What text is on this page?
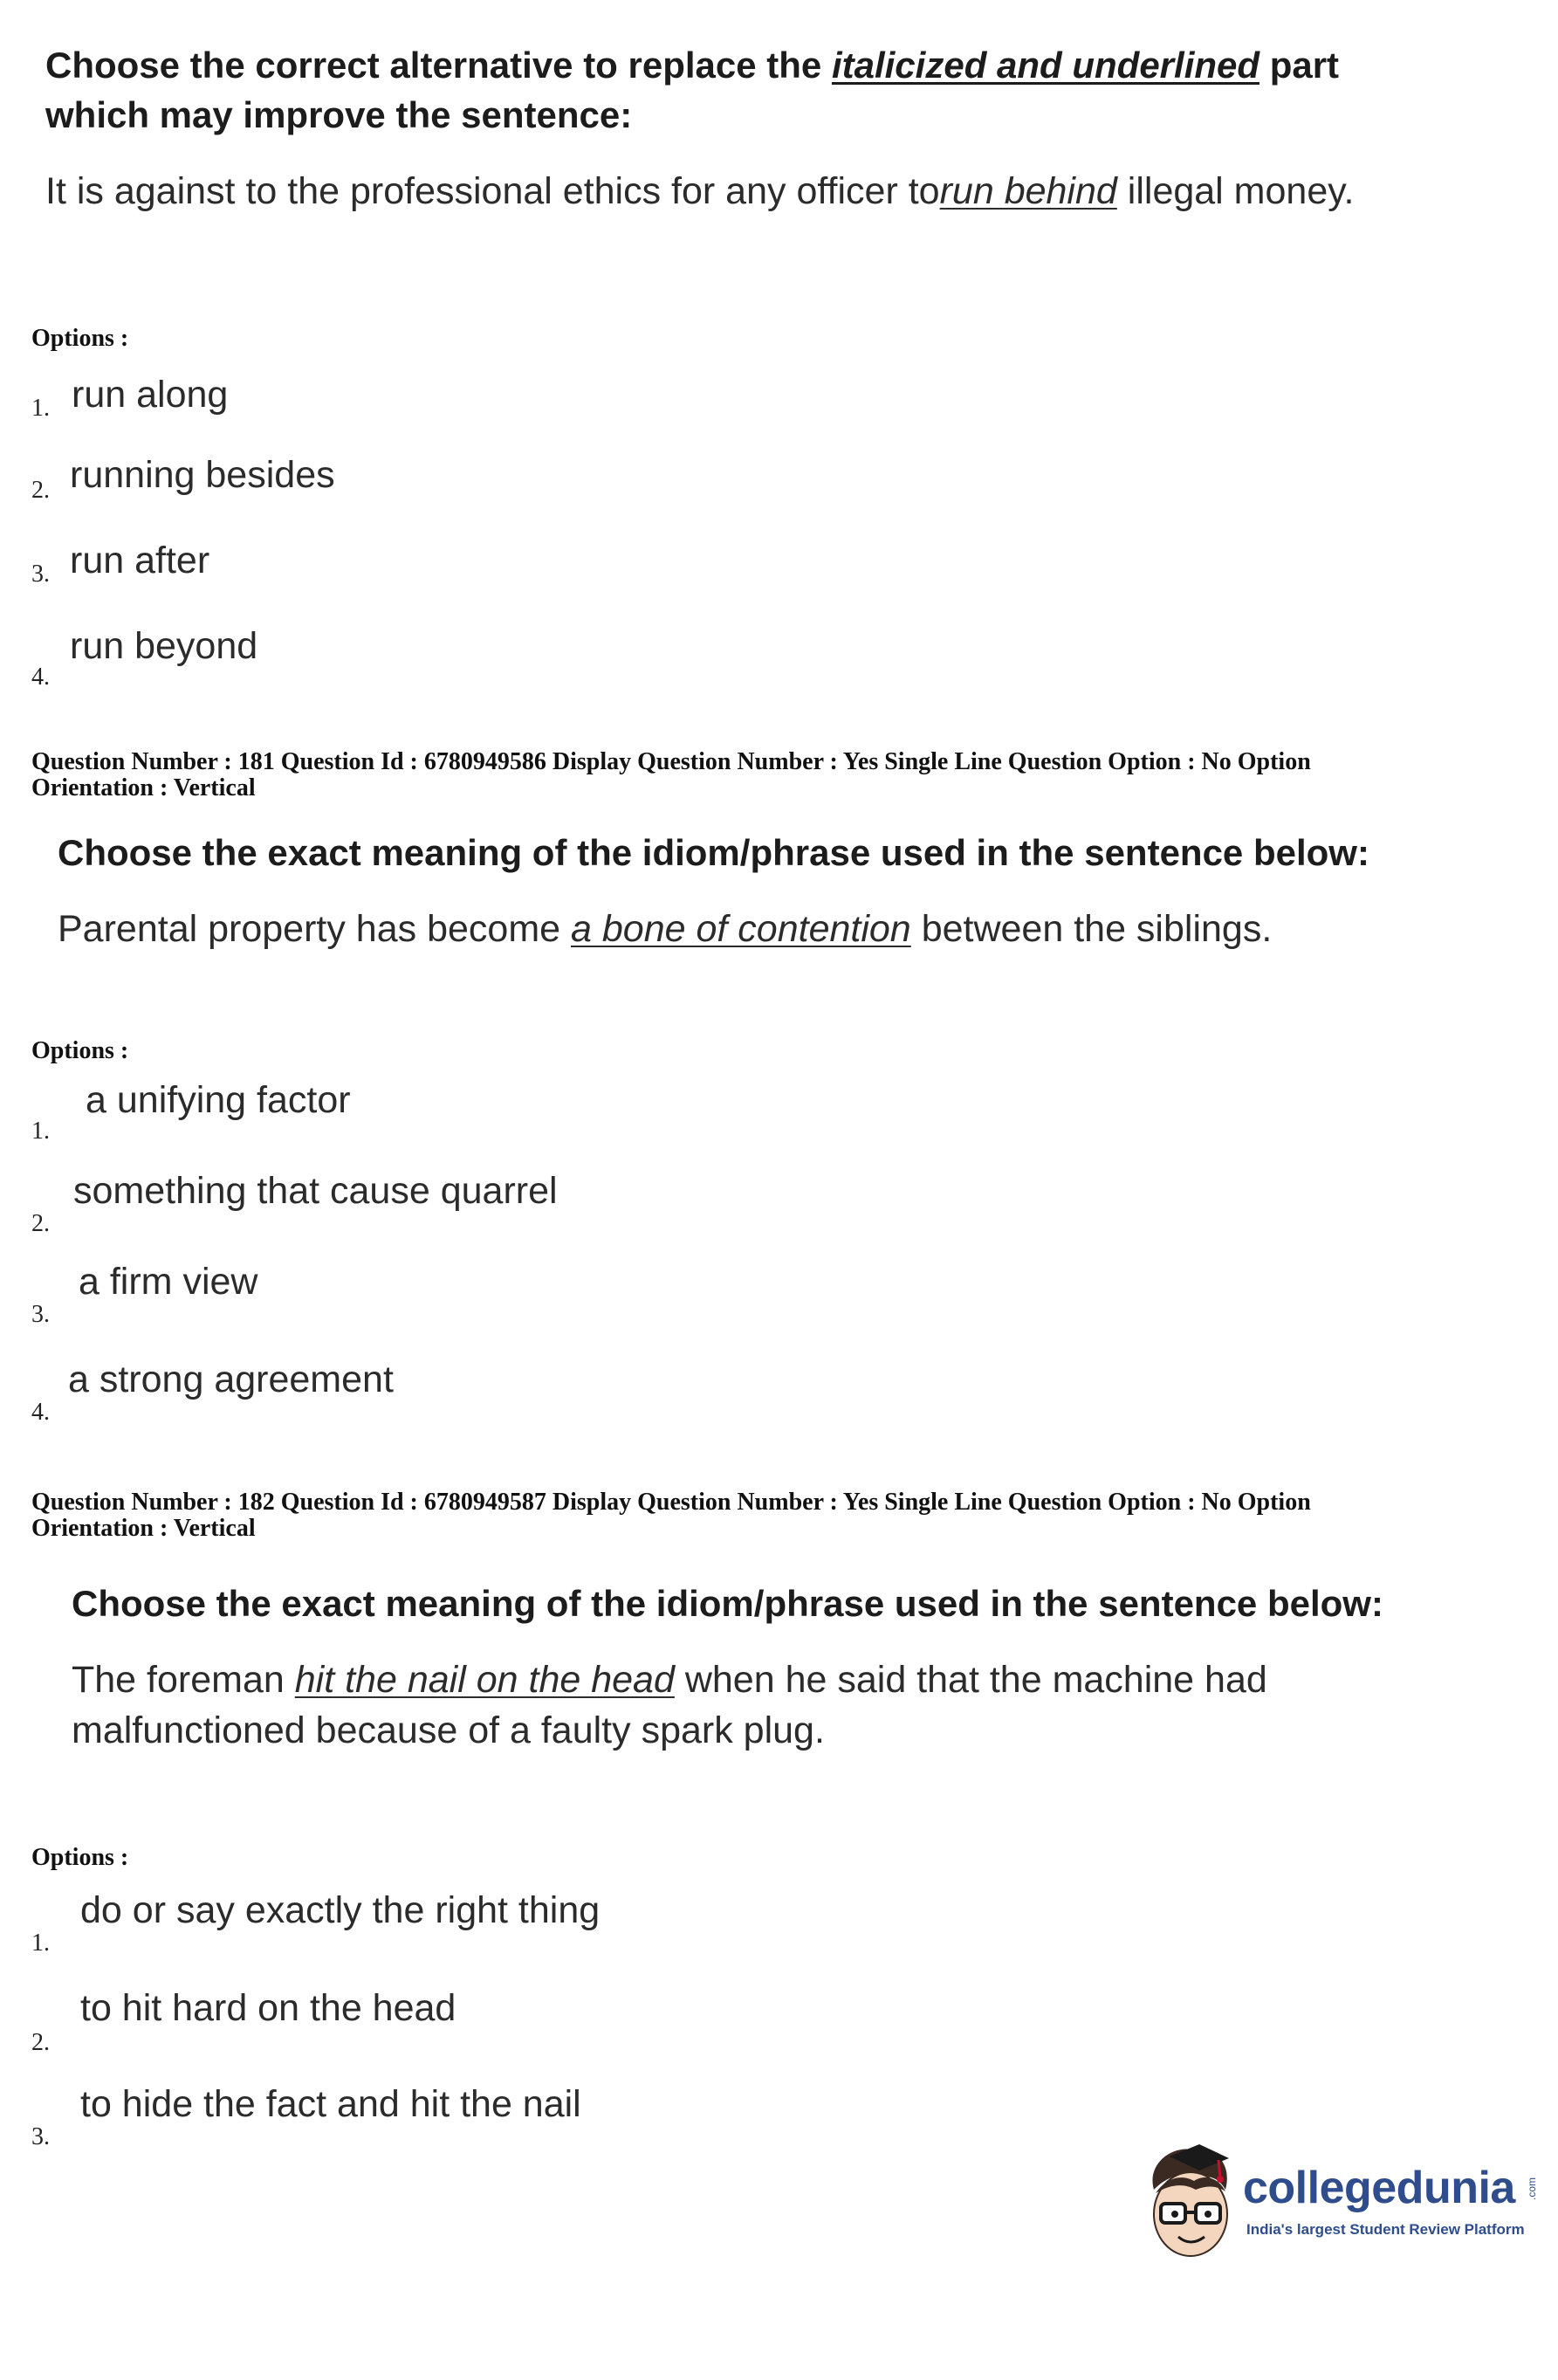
Choose the correct alternative to replace the italicized and underlined part which may improve the sentence:

It is against to the professional ethics for any officer torun behind illegal money.

Options :
1. run along
2. running besides
3. run after
4.
run beyond
Question Number : 181 Question Id : 6780949586 Display Question Number : Yes Single Line Question Option : No Option
Orientation : Vertical

Choose the exact meaning of the idiom/phrase used in the sentence below:

Parental property has become a bone of contention between the siblings.

Options :
1.
a unifying factor
2.
something that cause quarrel
3.
a firm view
4.
a strong agreement
Question Number : 182 Question Id : 6780949587 Display Question Number : Yes Single Line Question Option : No Option
Orientation : Vertical

Choose the exact meaning of the idiom/phrase used in the sentence below:

The foreman hit the nail on the head when he said that the machine had malfunctioned because of a faulty spark plug.

Options :
1.
do or say exactly the right thing
2.
to hit hard on the head
3.
to hide the fact and hit the nail
collegedunia .com
India's largest Student Review Platform
